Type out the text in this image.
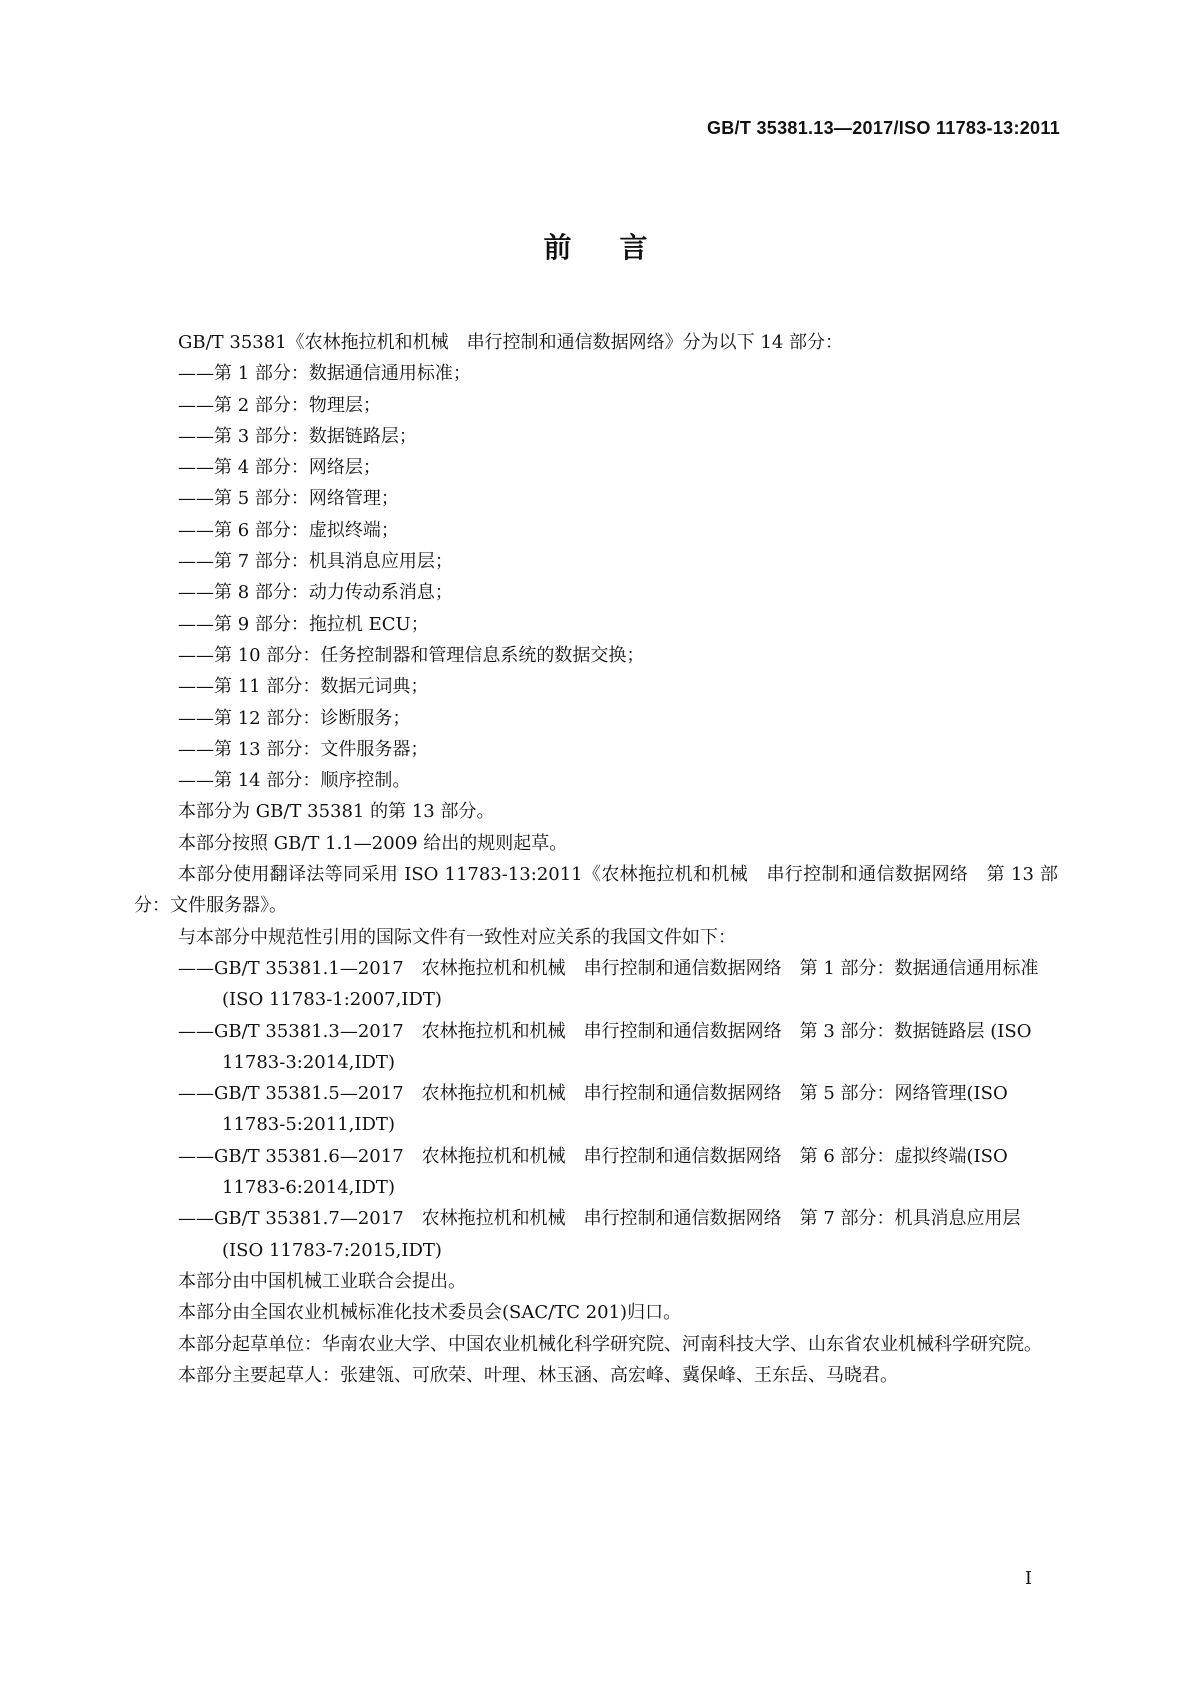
GB/T 35381.13—2017/ISO 11783-13:2011
前言

GB/T 35381《农林拖拉机和机械　串行控制和通信数据网络》分为以下 14 部分：

——第 1 部分：数据通信通用标准；

——第 2 部分：物理层；

——第 3 部分：数据链路层；

——第 4 部分：网络层；

——第 5 部分：网络管理；

——第 6 部分：虚拟终端；

——第 7 部分：机具消息应用层；

——第 8 部分：动力传动系消息；

——第 9 部分：拖拉机 ECU；

——第 10 部分：任务控制器和管理信息系统的数据交换；

——第 11 部分：数据元词典；

——第 12 部分：诊断服务；

——第 13 部分：文件服务器；

——第 14 部分：顺序控制。

本部分为 GB/T 35381 的第 13 部分。

本部分按照 GB/T 1.1—2009 给出的规则起草。

本部分使用翻译法等同采用 ISO 11783-13:2011《农林拖拉机和机械　串行控制和通信数据网络　第 13 部分：文件服务器》。

与本部分中规范性引用的国际文件有一致性对应关系的我国文件如下：

——GB/T 35381.1—2017　农林拖拉机和机械　串行控制和通信数据网络　第 1 部分：数据通信通用标准(ISO 11783-1:2007,IDT)

——GB/T 35381.3—2017　农林拖拉机和机械　串行控制和通信数据网络　第 3 部分：数据链路层 (ISO 11783-3:2014,IDT)

——GB/T 35381.5—2017　农林拖拉机和机械　串行控制和通信数据网络　第 5 部分：网络管理(ISO 11783-5:2011,IDT)

——GB/T 35381.6—2017　农林拖拉机和机械　串行控制和通信数据网络　第 6 部分：虚拟终端(ISO 11783-6:2014,IDT)

——GB/T 35381.7—2017　农林拖拉机和机械　串行控制和通信数据网络　第 7 部分：机具消息应用层(ISO 11783-7:2015,IDT)

本部分由中国机械工业联合会提出。

本部分由全国农业机械标准化技术委员会(SAC/TC 201)归口。

本部分起草单位：华南农业大学、中国农业机械化科学研究院、河南科技大学、山东省农业机械科学研究院。

本部分主要起草人：张建瓴、可欣荣、叶理、林玉涵、高宏峰、冀保峰、王东岳、马晓君。

I
